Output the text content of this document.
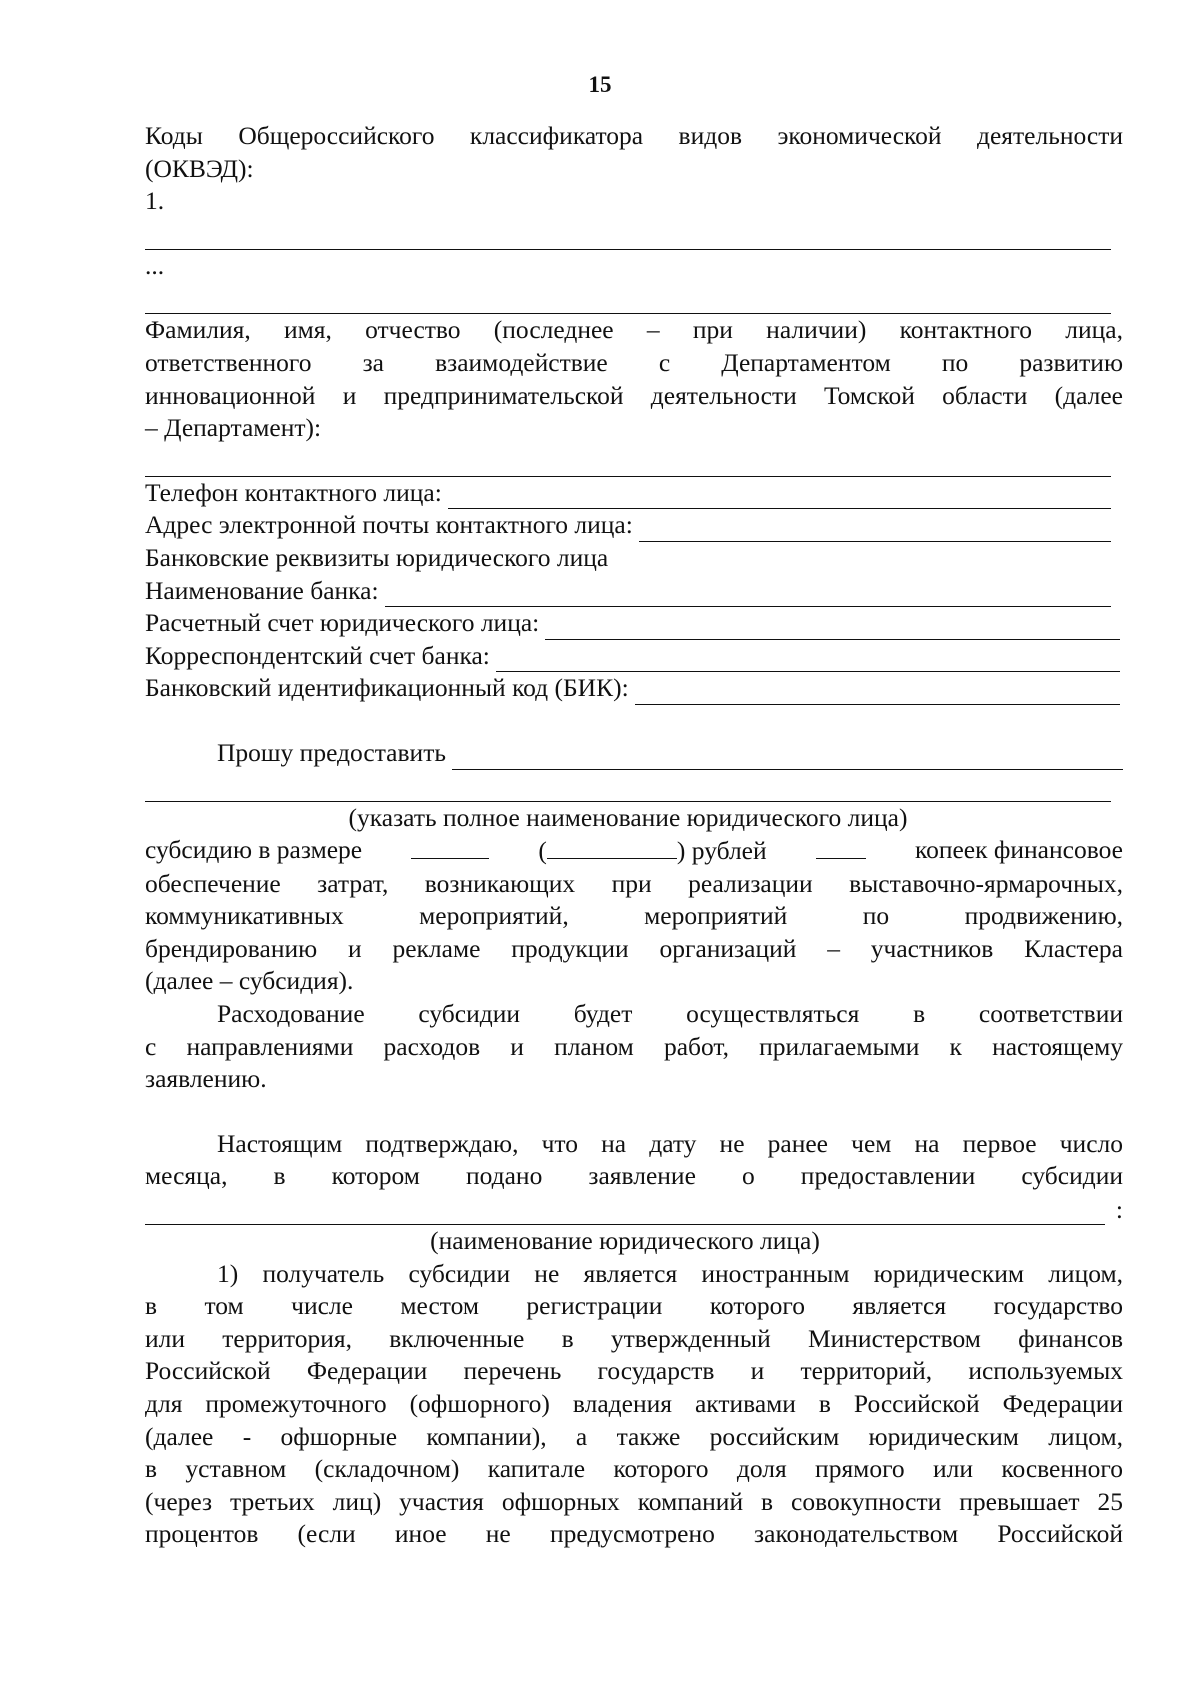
15

Коды Общероссийского классификатора видов экономической деятельности

(ОКВЭД):

1.

...

Фамилия, имя, отчество (последнее – при наличии) контактного лица,

ответственного за взаимодействие с Департаментом по развитию

инновационной и предпринимательской деятельности Томской области (далее

– Департамент):

Телефон контактного лица:
Адрес электронной почты контактного лица:

Банковские реквизиты юридического лица

Наименование банка:
Расчетный счет юридического лица:
Корреспондентский счет банка:
Банковский идентификационный код (БИК):
Прошу предоставить

(указать полное наименование юридического лица)

субсидию в размере	(	) рублей	копеек финансовое

обеспечение затрат, возникающих при реализации выставочно-ярмарочных,

коммуникативных мероприятий, мероприятий по продвижению,

брендированию и рекламе продукции организаций – участников Кластера

(далее – субсидия).

Расходование субсидии будет осуществляться в соответствии

с направлениями расходов и планом работ, прилагаемыми к настоящему

заявлению.

Настоящим подтверждаю, что на дату не ранее чем на первое число

месяца, в котором подано заявление о предоставлении субсидии

:

(наименование юридического лица)

1) получатель субсидии не является иностранным юридическим лицом,

в том числе местом регистрации которого является государство

или территория, включенные в утвержденный Министерством финансов

Российской Федерации перечень государств и территорий, используемых

для промежуточного (офшорного) владения активами в Российской Федерации

(далее - офшорные компании), а также российским юридическим лицом,

в уставном (складочном) капитале которого доля прямого или косвенного

(через третьих лиц) участия офшорных компаний в совокупности превышает 25

процентов (если иное не предусмотрено законодательством Российской
